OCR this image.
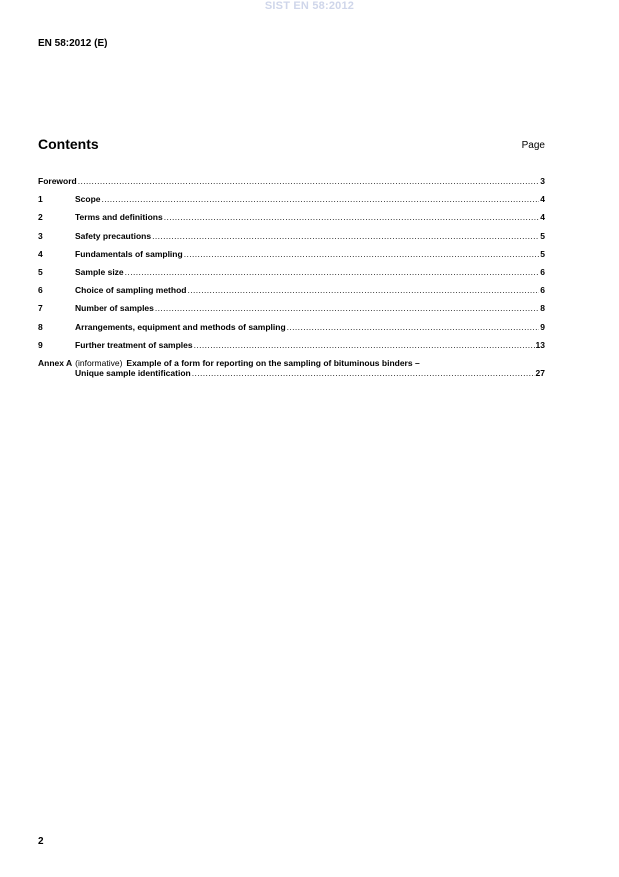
SIST EN 58:2012
EN 58:2012 (E)
Contents	Page
Foreword .....	3
1	Scope .....	4
2	Terms and definitions .....	4
3	Safety precautions .....	5
4	Fundamentals of sampling .....	5
5	Sample size .....	6
6	Choice of sampling method .....	6
7	Number of samples .....	8
8	Arrangements, equipment and methods of sampling .....	9
9	Further treatment of samples .....	13
Annex A (informative) Example of a form for reporting on the sampling of bituminous binders –
Unique sample identification .....	27
2
